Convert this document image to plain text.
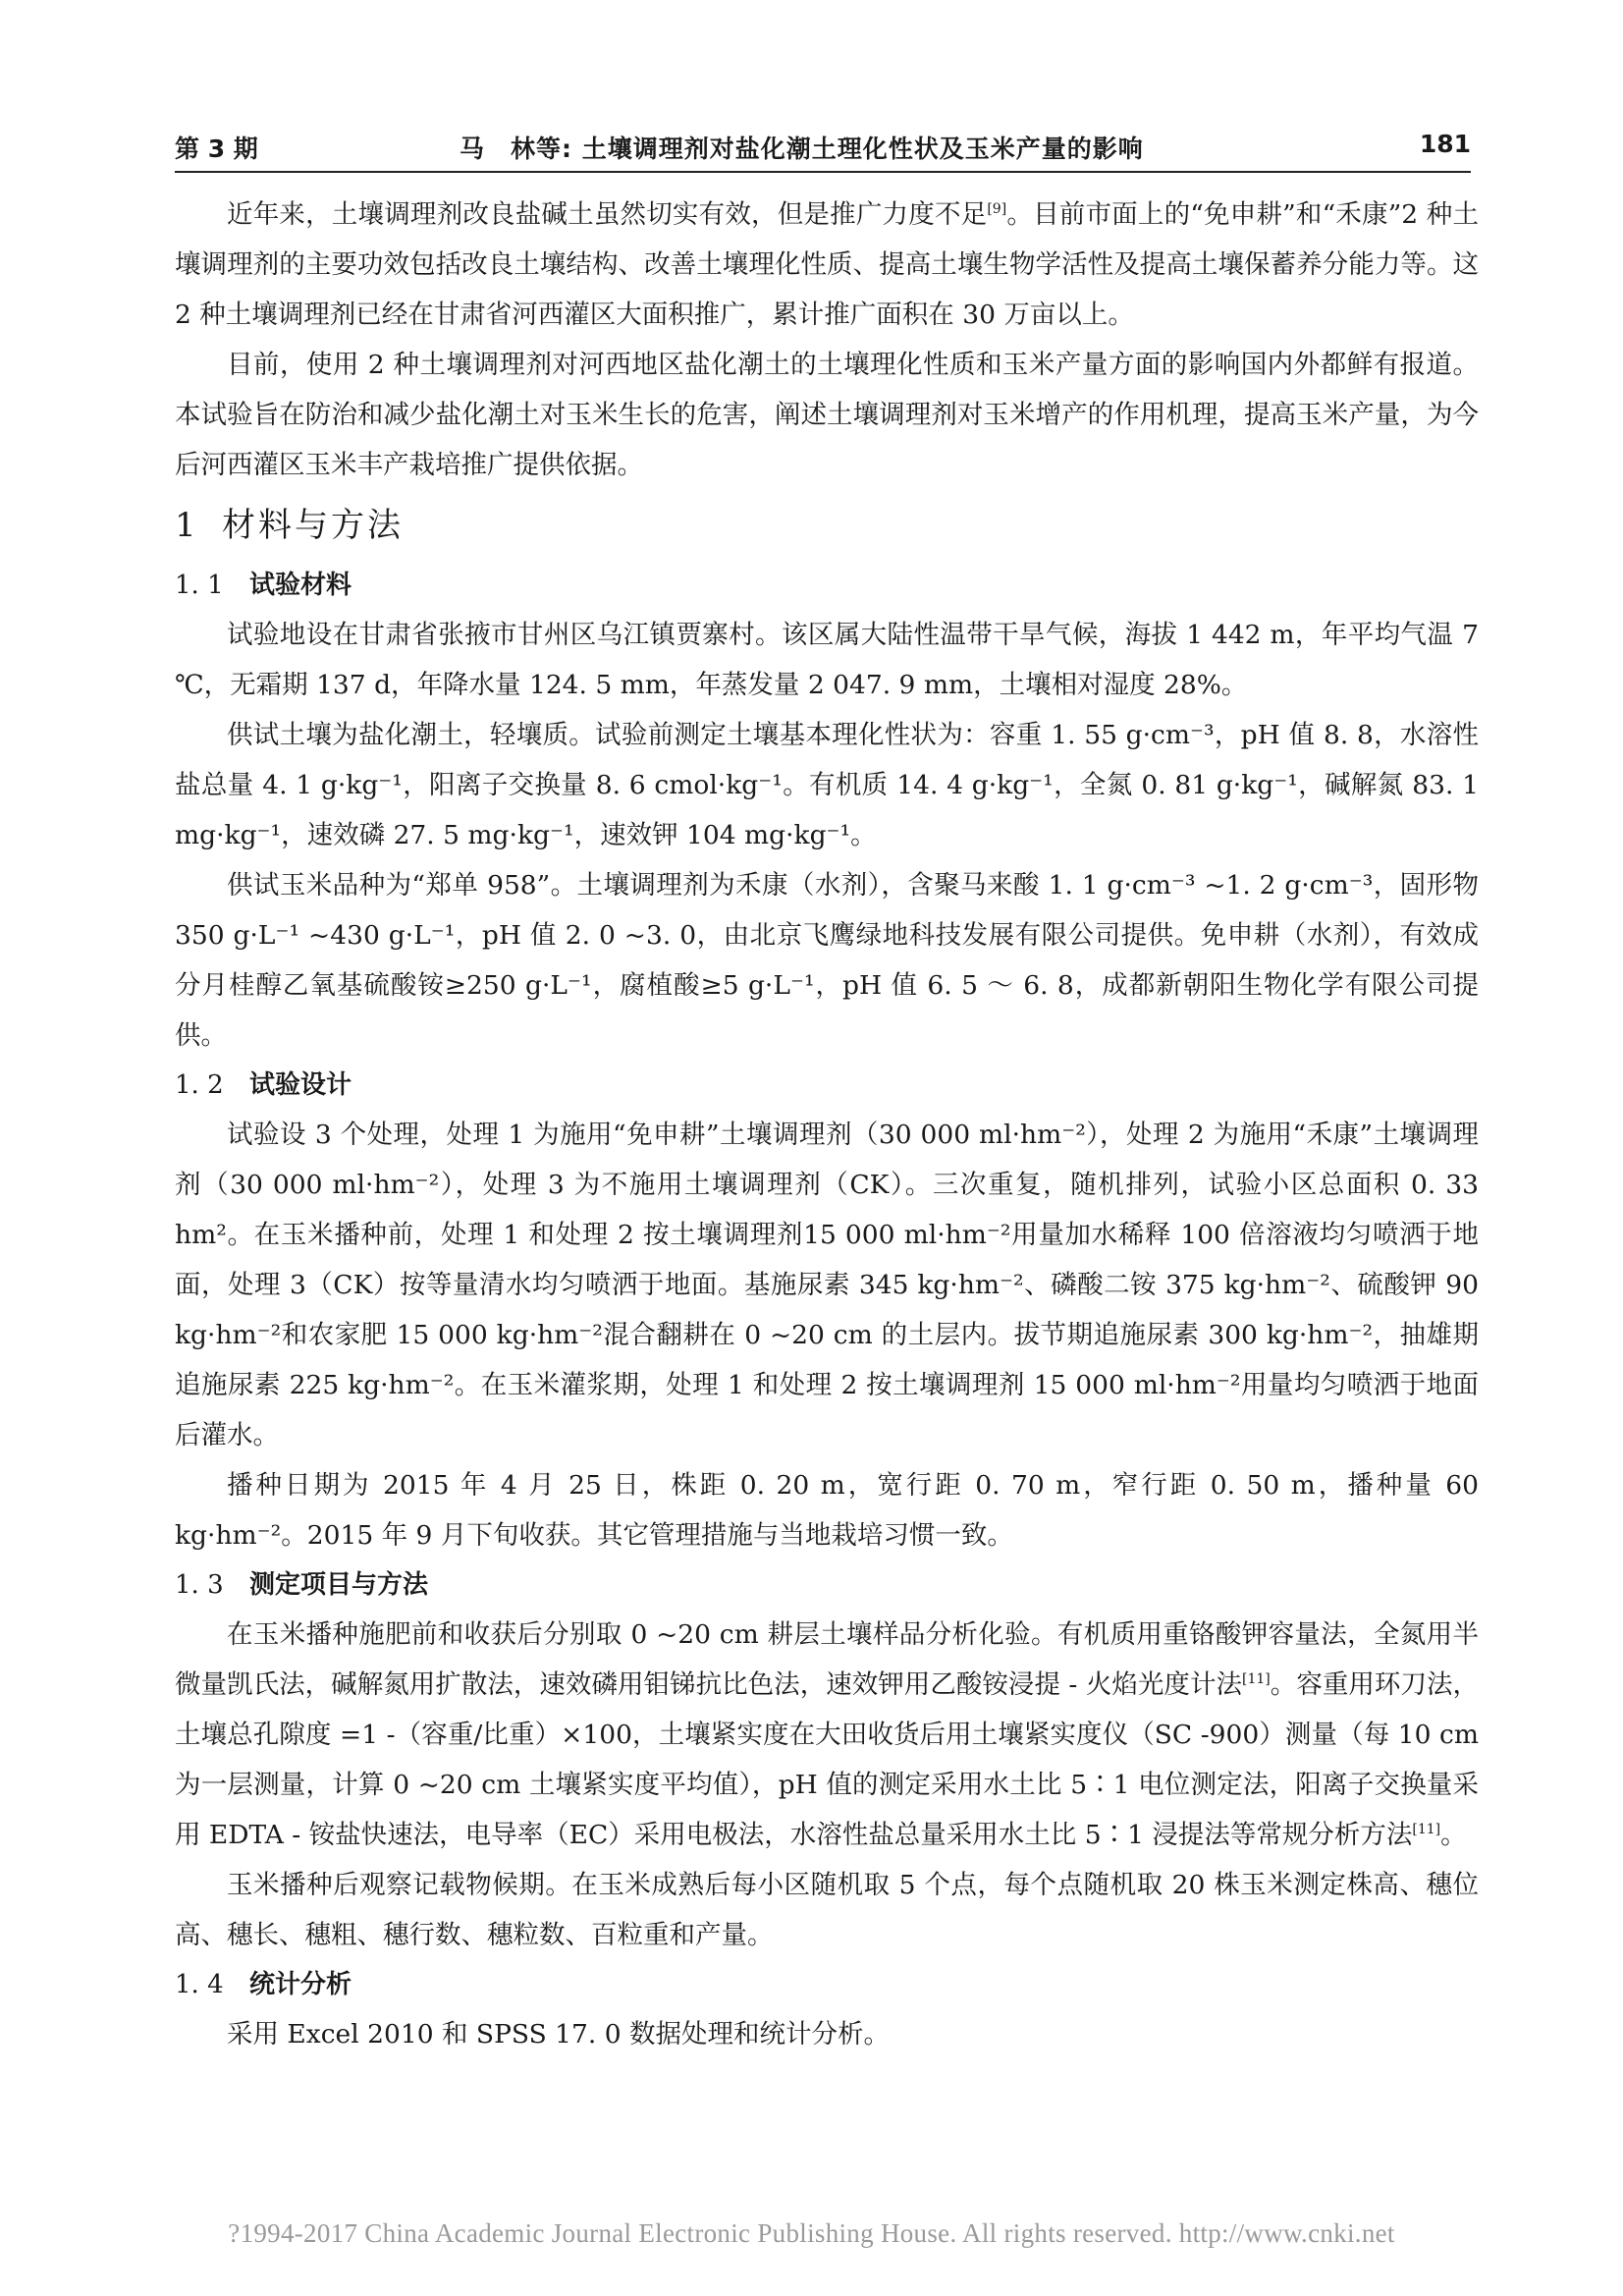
第 3 期	马　林等: 土壤调理剂对盐化潮土理化性状及玉米产量的影响	181

近年来，土壤调理剂改良盐碱土虽然切实有效，但是推广力度不足[9]。目前市面上的“免申耕”和“禾康”2 种土壤调理剂的主要功效包括改良土壤结构、改善土壤理化性质、提高土壤生物学活性及提高土壤保蓄养分能力等。这 2 种土壤调理剂已经在甘肃省河西灌区大面积推广，累计推广面积在 30 万亩以上。

目前，使用 2 种土壤调理剂对河西地区盐化潮土的土壤理化性质和玉米产量方面的影响国内外都鲜有报道。本试验旨在防治和减少盐化潮土对玉米生长的危害，阐述土壤调理剂对玉米增产的作用机理，提高玉米产量，为今后河西灌区玉米丰产栽培推广提供依据。

1 材料与方法
1. 1 试验材料

试验地设在甘肃省张掖市甘州区乌江镇贾寨村。该区属大陆性温带干旱气候，海拔 1 442 m，年平均气温 7 ℃，无霜期 137 d，年降水量 124. 5 mm，年蒸发量 2 047. 9 mm，土壤相对湿度 28%。

供试土壤为盐化潮土，轻壤质。试验前测定土壤基本理化性状为：容重 1. 55 g·cm⁻³，pH 值 8. 8，水溶性盐总量 4. 1 g·kg⁻¹，阳离子交换量 8. 6 cmol·kg⁻¹。有机质 14. 4 g·kg⁻¹，全氮 0. 81 g·kg⁻¹，碱解氮 83. 1 mg·kg⁻¹，速效磷 27. 5 mg·kg⁻¹，速效钾 104 mg·kg⁻¹。

供试玉米品种为“郑单 958”。土壤调理剂为禾康（水剂），含聚马来酸 1. 1 g·cm⁻³ ~1. 2 g·cm⁻³，固形物 350 g·L⁻¹ ~430 g·L⁻¹，pH 值 2. 0 ~3. 0，由北京飞鹰绿地科技发展有限公司提供。免申耕（水剂），有效成分月桂醇乙氧基硫酸铵≥250 g·L⁻¹，腐植酸≥5 g·L⁻¹，pH 值 6. 5 ～ 6. 8，成都新朝阳生物化学有限公司提供。

1. 2 试验设计

试验设 3 个处理，处理 1 为施用“免申耕”土壤调理剂（30 000 ml·hm⁻²），处理 2 为施用“禾康”土壤调理剂（30 000 ml·hm⁻²），处理 3 为不施用土壤调理剂（CK）。三次重复，随机排列，试验小区总面积 0. 33 hm²。在玉米播种前，处理 1 和处理 2 按土壤调理剂15 000 ml·hm⁻²用量加水稀释 100 倍溶液均匀喷洒于地面，处理 3（CK）按等量清水均匀喷洒于地面。基施尿素 345 kg·hm⁻²、磷酸二铵 375 kg·hm⁻²、硫酸钾 90 kg·hm⁻²和农家肥 15 000 kg·hm⁻²混合翻耕在 0 ~20 cm 的土层内。拔节期追施尿素 300 kg·hm⁻²，抽雄期追施尿素 225 kg·hm⁻²。在玉米灌浆期，处理 1 和处理 2 按土壤调理剂 15 000 ml·hm⁻²用量均匀喷洒于地面后灌水。

播种日期为 2015 年 4 月 25 日，株距 0. 20 m，宽行距 0. 70 m，窄行距 0. 50 m，播种量 60 kg·hm⁻²。2015 年 9 月下旬收获。其它管理措施与当地栽培习惯一致。

1. 3 测定项目与方法

在玉米播种施肥前和收获后分别取 0 ~20 cm 耕层土壤样品分析化验。有机质用重铬酸钾容量法，全氮用半微量凯氏法，碱解氮用扩散法，速效磷用钼锑抗比色法，速效钾用乙酸铵浸提 - 火焰光度计法[11]。容重用环刀法，土壤总孔隙度 =1 -（容重/比重）×100，土壤紧实度在大田收货后用土壤紧实度仪（SC -900）测量（每 10 cm 为一层测量，计算 0 ~20 cm 土壤紧实度平均值），pH 值的测定采用水土比 5∶1 电位测定法，阳离子交换量采用 EDTA - 铵盐快速法，电导率（EC）采用电极法，水溶性盐总量采用水土比 5∶1 浸提法等常规分析方法[11]。

玉米播种后观察记载物候期。在玉米成熟后每小区随机取 5 个点，每个点随机取 20 株玉米测定株高、穗位高、穗长、穗粗、穗行数、穗粒数、百粒重和产量。

1. 4 统计分析

采用 Excel 2010 和 SPSS 17. 0 数据处理和统计分析。

?1994-2017 China Academic Journal Electronic Publishing House. All rights reserved. http://www.cnki.net
